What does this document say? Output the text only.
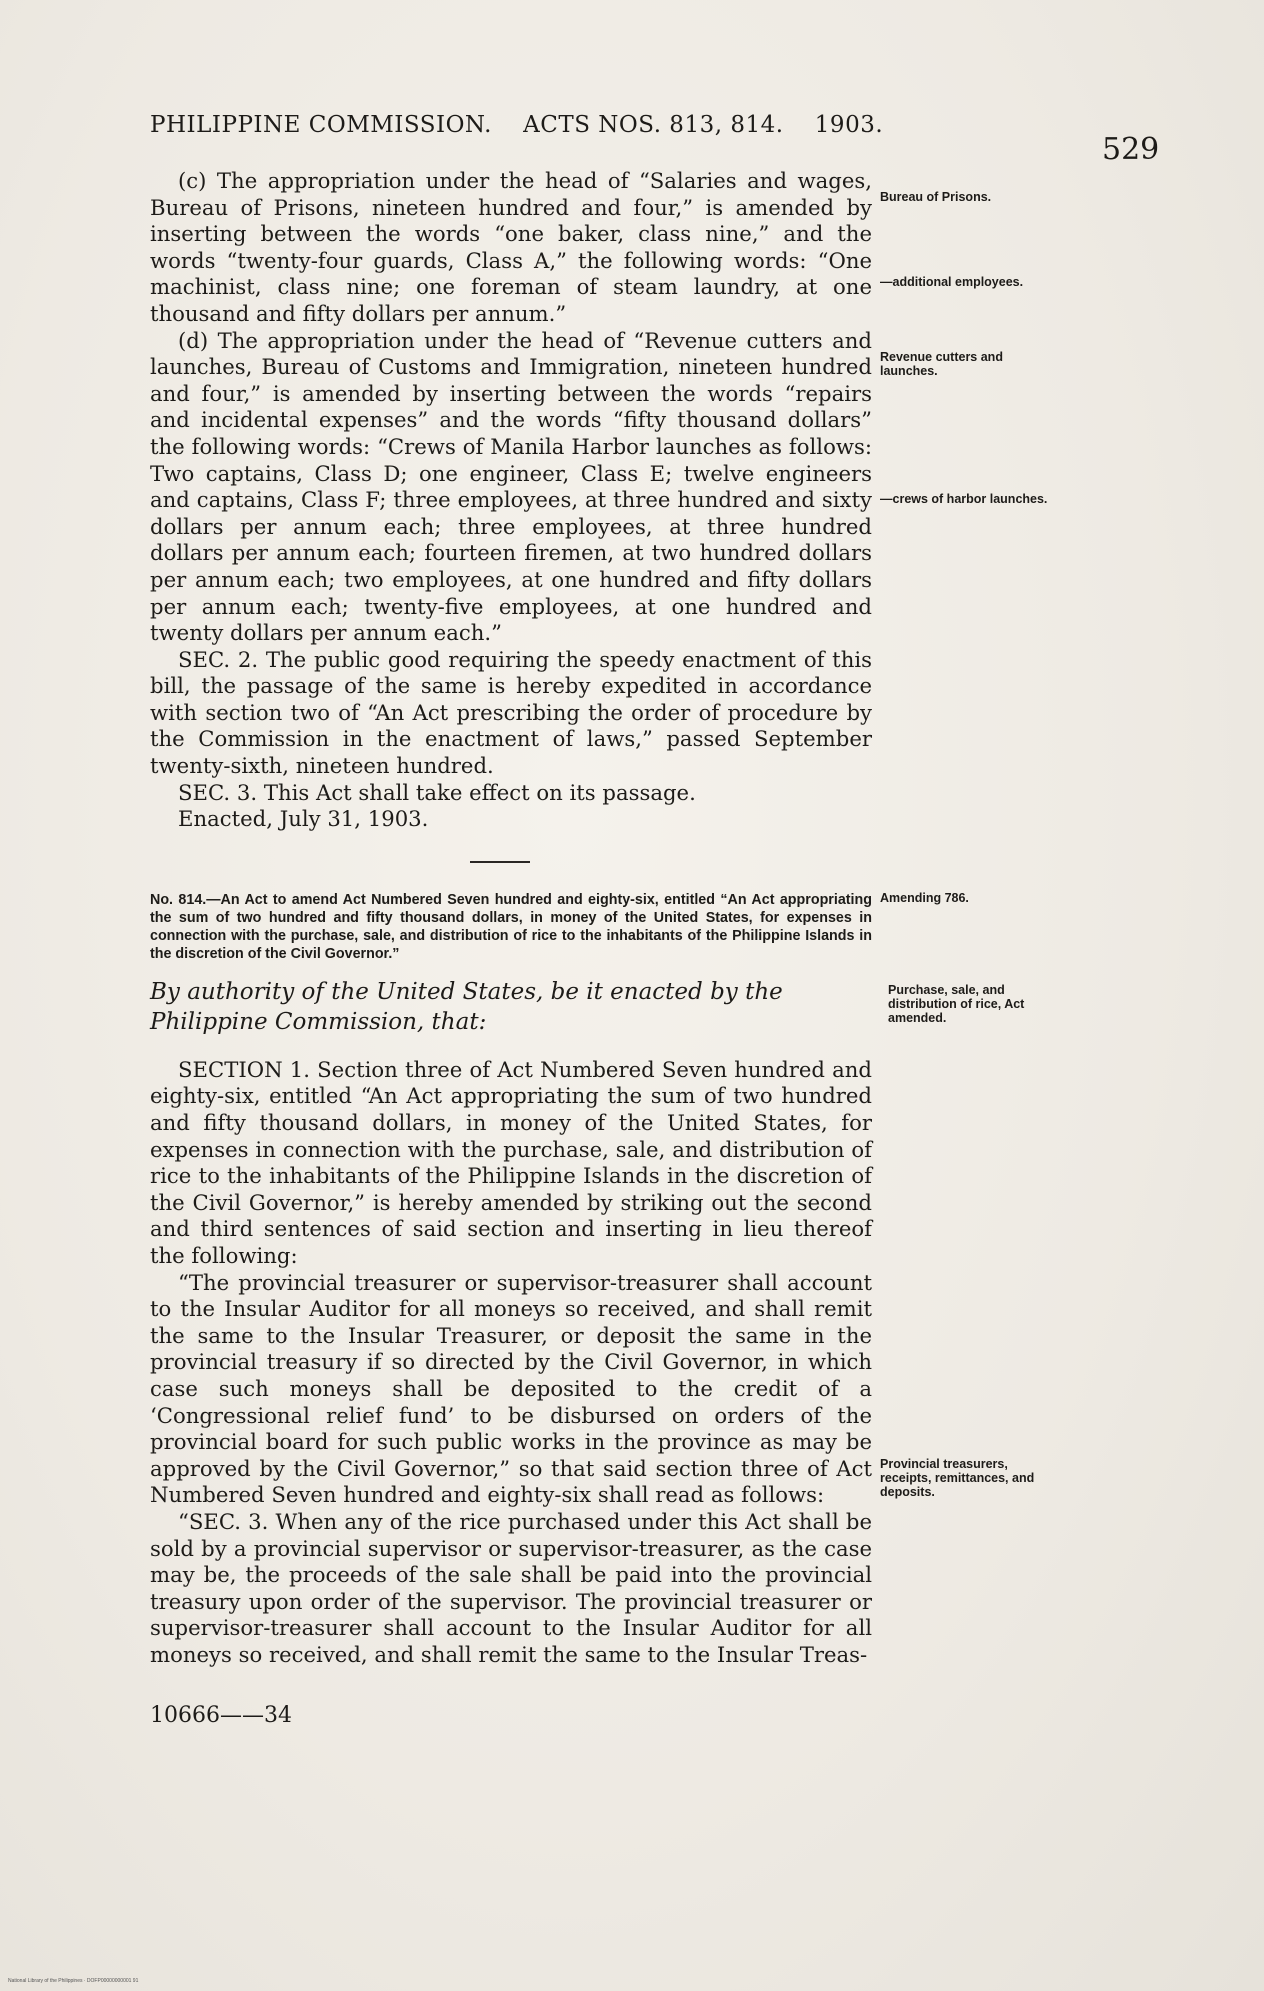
PHILIPPINE COMMISSION. ACTS NOS. 813, 814. 1903.
529

(c) The appropriation under the head of “Salaries and wages, Bureau of Prisons, nineteen hundred and four,” is amended by inserting between the words “one baker, class nine,” and the words “twenty-four guards, Class A,” the following words: “One machinist, class nine; one foreman of steam laundry, at one thousand and fifty dollars per annum.”

(d) The appropriation under the head of “Revenue cutters and launches, Bureau of Customs and Immigration, nineteen hundred and four,” is amended by inserting between the words “repairs and incidental expenses” and the words “fifty thousand dollars” the following words: “Crews of Manila Harbor launches as follows: Two captains, Class D; one engineer, Class E; twelve engineers and captains, Class F; three employees, at three hundred and sixty dollars per annum each; three employees, at three hundred dollars per annum each; fourteen firemen, at two hundred dollars per annum each; two employees, at one hundred and fifty dollars per annum each; twenty-five employees, at one hundred and twenty dollars per annum each.”

SEC. 2. The public good requiring the speedy enactment of this bill, the passage of the same is hereby expedited in accordance with section two of “An Act prescribing the order of procedure by the Commission in the enactment of laws,” passed September twenty-sixth, nineteen hundred.

SEC. 3. This Act shall take effect on its passage.

Enacted, July 31, 1903.

Bureau of Prisons.
—additional employees.
Revenue cutters and launches.
—crews of harbor launches.
No. 814.—An Act to amend Act Numbered Seven hundred and eighty-six, entitled “An Act appropriating the sum of two hundred and fifty thousand dollars, in money of the United States, for expenses in connection with the purchase, sale, and distribution of rice to the inhabitants of the Philippine Islands in the discretion of the Civil Governor.”
Amending 786.
By authority of the United States, be it enacted by the Philippine Commission, that:
Purchase, sale, and distribution of rice, Act amended.

SECTION 1. Section three of Act Numbered Seven hundred and eighty-six, entitled “An Act appropriating the sum of two hundred and fifty thousand dollars, in money of the United States, for expenses in connection with the purchase, sale, and distribution of rice to the inhabitants of the Philippine Islands in the discretion of the Civil Governor,” is hereby amended by striking out the second and third sentences of said section and inserting in lieu thereof the following:

“The provincial treasurer or supervisor-treasurer shall account to the Insular Auditor for all moneys so received, and shall remit the same to the Insular Treasurer, or deposit the same in the provincial treasury if so directed by the Civil Governor, in which case such moneys shall be deposited to the credit of a ‘Congressional relief fund’ to be disbursed on orders of the provincial board for such public works in the province as may be approved by the Civil Governor,” so that said section three of Act Numbered Seven hundred and eighty-six shall read as follows:

“SEC. 3. When any of the rice purchased under this Act shall be sold by a provincial supervisor or supervisor-treasurer, as the case may be, the proceeds of the sale shall be paid into the provincial treasury upon order of the supervisor. The provincial treasurer or supervisor-treasurer shall account to the Insular Auditor for all moneys so received, and shall remit the same to the Insular Treas-

Provincial treasurers, receipts, remittances, and deposits.
10666——34
National Library of the Philippines · DOFP00000000001 91
